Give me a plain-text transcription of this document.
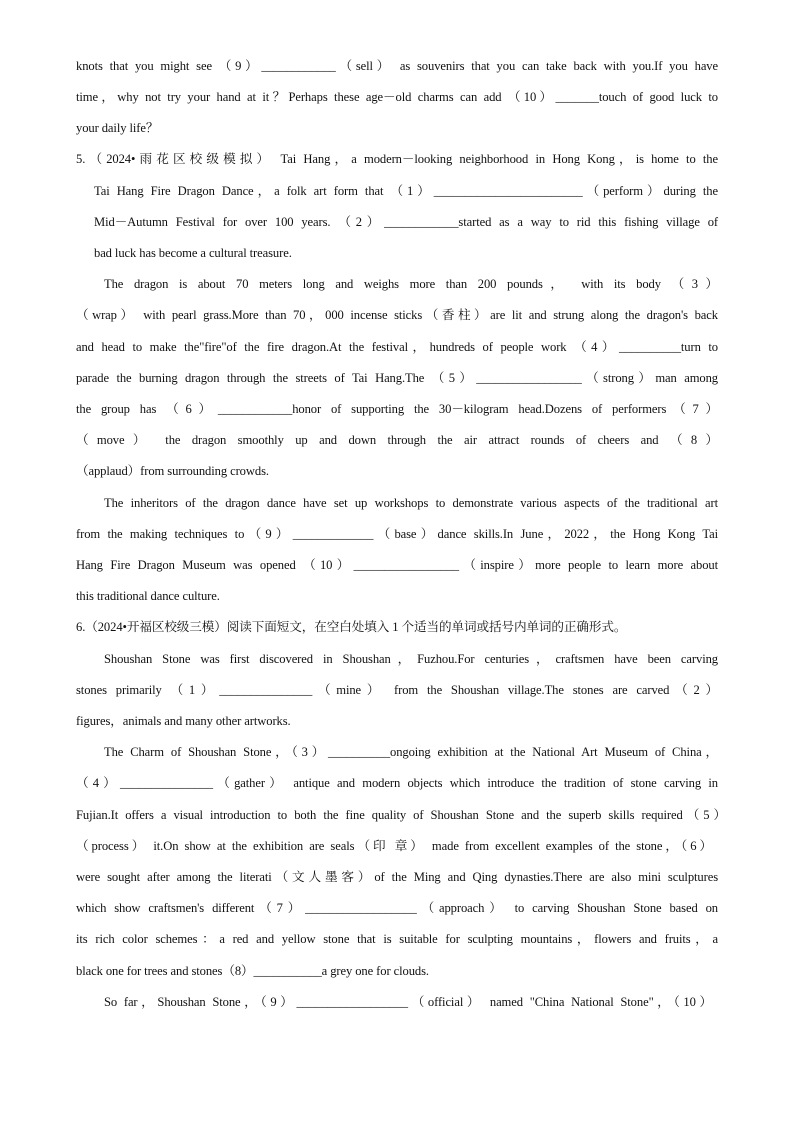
knots that you might see （9）____________（sell） as souvenirs that you can take back with you.If you have
time，why not try your hand at it？Perhaps these age－old charms can add （10）_______touch of good luck to
your daily life？
5.（2024•雨花区校级模拟） Tai Hang，a modern－looking neighborhood in Hong Kong，is home to the
Tai Hang Fire Dragon Dance，a folk art form that （1）________________________（perform）during the
Mid－Autumn Festival for over 100 years. （2）____________started as a way to rid this fishing village of
bad luck has become a cultural treasure.
The dragon is about 70 meters long and weighs more than 200 pounds， with its body （3）
（wrap） with pearl grass.More than 70，000 incense sticks（香柱）are lit and strung along the dragon's back
and head to make the"fire"of the fire dragon.At the festival，hundreds of people work （4）__________turn to
parade the burning dragon through the streets of Tai Hang.The （5）_________________（strong）man among
the group has （6）____________honor of supporting the 30－kilogram head.Dozens of performers（7）
（move） the dragon smoothly up and down through the air attract rounds of cheers and （8）
（applaud）from surrounding crowds.
The inheritors of the dragon dance have set up workshops to demonstrate various aspects of the traditional art
from the making techniques to（9）_____________（base）dance skills.In June，2022，the Hong Kong Tai
Hang Fire Dragon Museum was opened （10）_________________（inspire）more people to learn more about
this traditional dance culture.
6.（2024•开福区校级三模）阅读下面短文，在空白处填入 1 个适当的单词或括号内单词的正确形式。
Shoushan Stone was first discovered in Shoushan，Fuzhou.For centuries，craftsmen have been carving
stones primarily （1）_______________（mine） from the Shoushan village.The stones are carved（2）
figures，animals and many other artworks.
The Charm of Shoushan Stone，（3）__________ongoing exhibition at the National Art Museum of China，
（4）_______________（gather） antique and modern objects which introduce the tradition of stone carving in
Fujian.It offers a visual introduction to both the fine quality of Shoushan Stone and the superb skills required（5）
（process） it.On show at the exhibition are seals（印 章） made from excellent examples of the stone，（6）
were sought after among the literati（文人墨客）of the Ming and Qing dynasties.There are also mini sculptures
which show craftsmen's different（7）__________________（approach） to carving Shoushan Stone based on
its rich color schemes：a red and yellow stone that is suitable for sculpting mountains，flowers and fruits，a
black one for trees and stones（8）___________a grey one for clouds.
So far，Shoushan Stone，（9）__________________（official） named "China National Stone"，（10）
